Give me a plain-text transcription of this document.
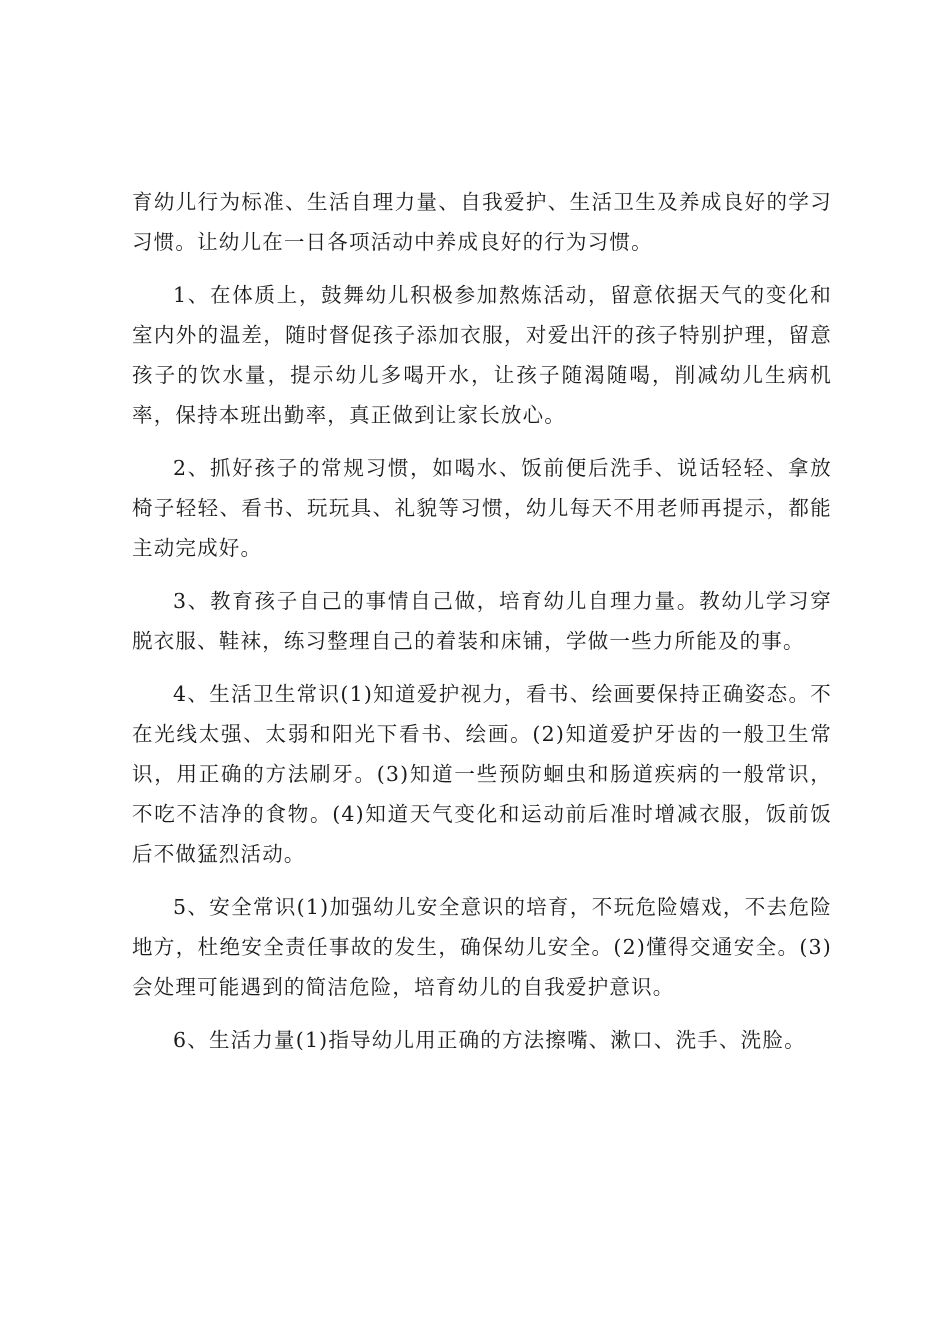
育幼儿行为标准、生活自理力量、自我爱护、生活卫生及养成良好的学习习惯。让幼儿在一日各项活动中养成良好的行为习惯。

1、在体质上，鼓舞幼儿积极参加熬炼活动，留意依据天气的变化和室内外的温差，随时督促孩子添加衣服，对爱出汗的孩子特别护理，留意孩子的饮水量，提示幼儿多喝开水，让孩子随渴随喝，削减幼儿生病机率，保持本班出勤率，真正做到让家长放心。

2、抓好孩子的常规习惯，如喝水、饭前便后洗手、说话轻轻、拿放椅子轻轻、看书、玩玩具、礼貌等习惯，幼儿每天不用老师再提示，都能主动完成好。

3、教育孩子自己的事情自己做，培育幼儿自理力量。教幼儿学习穿脱衣服、鞋袜，练习整理自己的着装和床铺，学做一些力所能及的事。

4、生活卫生常识(1)知道爱护视力，看书、绘画要保持正确姿态。不在光线太强、太弱和阳光下看书、绘画。(2)知道爱护牙齿的一般卫生常识，用正确的方法刷牙。(3)知道一些预防蛔虫和肠道疾病的一般常识，不吃不洁净的食物。(4)知道天气变化和运动前后准时增减衣服，饭前饭后不做猛烈活动。

5、安全常识(1)加强幼儿安全意识的培育，不玩危险嬉戏，不去危险地方，杜绝安全责任事故的发生，确保幼儿安全。(2)懂得交通安全。(3)会处理可能遇到的简洁危险，培育幼儿的自我爱护意识。

6、生活力量(1)指导幼儿用正确的方法擦嘴、漱口、洗手、洗脸。
